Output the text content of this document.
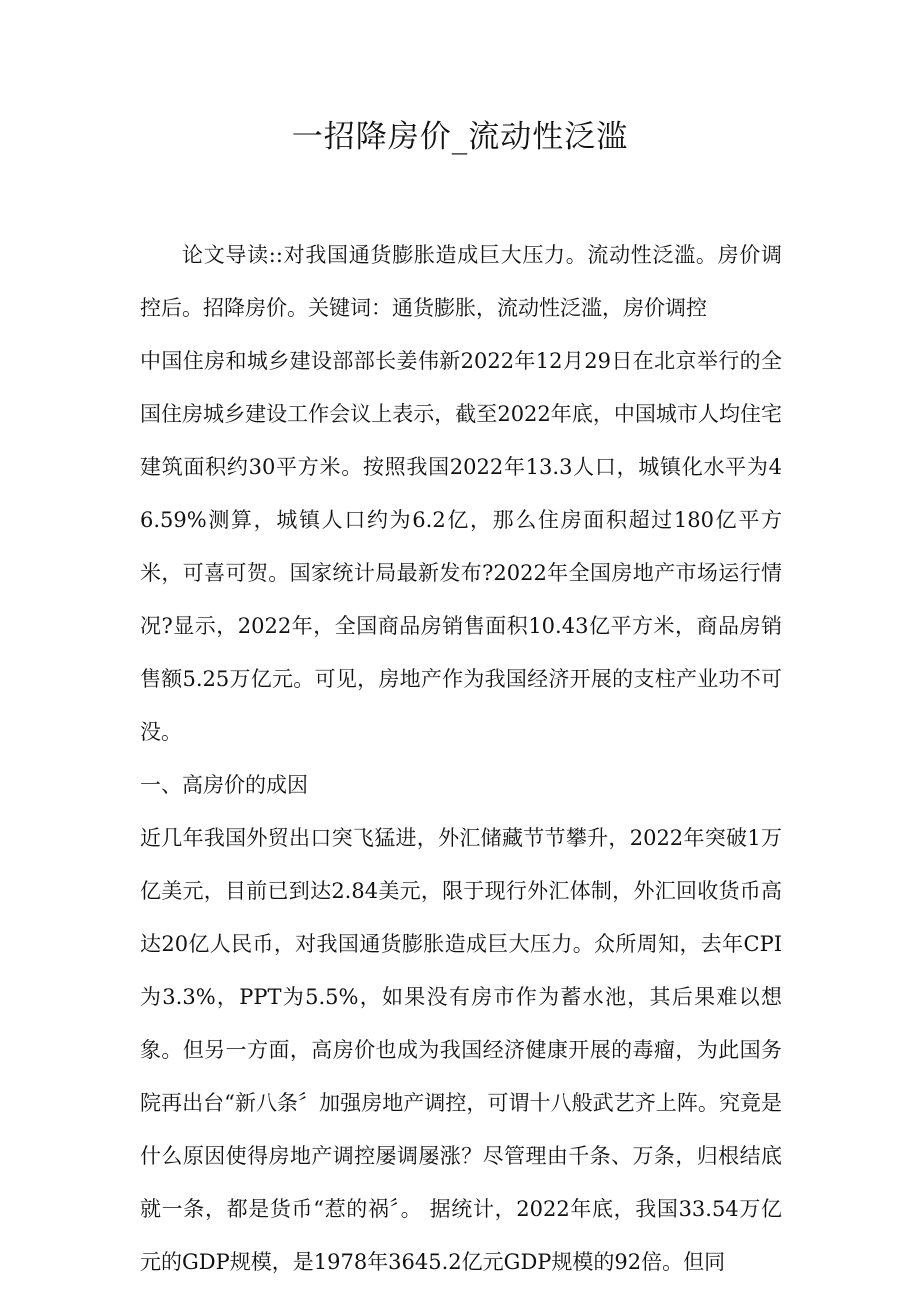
一招降房价_流动性泛滥

论文导读::对我国通货膨胀造成巨大压力。流动性泛滥。房价调控后。招降房价。关键词：通货膨胀，流动性泛滥，房价调控

中国住房和城乡建设部部长姜伟新2022年12月29日在北京举行的全国住房城乡建设工作会议上表示，截至2022年底，中国城市人均住宅建筑面积约30平方米。按照我国2022年13.3人口，城镇化水平为46.59%测算，城镇人口约为6.2亿，那么住房面积超过180亿平方米，可喜可贺。国家统计局最新发布?2022年全国房地产市场运行情况?显示，2022年，全国商品房销售面积10.43亿平方米，商品房销售额5.25万亿元。可见，房地产作为我国经济开展的支柱产业功不可没。

一、高房价的成因

近几年我国外贸出口突飞猛进，外汇储藏节节攀升，2022年突破1万亿美元，目前已到达2.84美元，限于现行外汇体制，外汇回收货币高达20亿人民币，对我国通货膨胀造成巨大压力。众所周知，去年CPI为3.3%，PPT为5.5%，如果没有房市作为蓄水池，其后果难以想象。但另一方面，高房价也成为我国经济健康开展的毒瘤，为此国务院再出台“新八条〞加强房地产调控，可谓十八般武艺齐上阵。究竟是什么原因使得房地产调控屡调屡涨？尽管理由千条、万条，归根结底就一条，都是货币“惹的祸〞。 据统计，2022年底，我国33.54万亿元的GDP规模，是1978年3645.2亿元GDP规模的92倍。但同
